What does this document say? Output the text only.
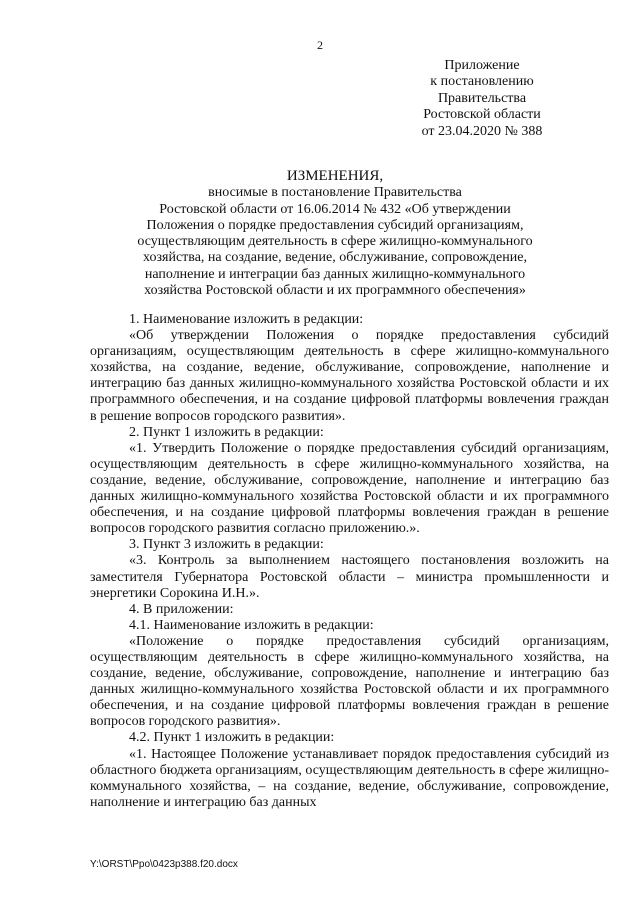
2
Приложение
к постановлению
Правительства
Ростовской области
от 23.04.2020 № 388
ИЗМЕНЕНИЯ,
вносимые в постановление Правительства
Ростовской области от 16.06.2014 № 432 «Об утверждении
Положения о порядке предоставления субсидий организациям,
осуществляющим деятельность в сфере жилищно-коммунального
хозяйства, на создание, ведение, обслуживание, сопровождение,
наполнение и интеграции баз данных жилищно-коммунального
хозяйства Ростовской области и их программного обеспечения»

1. Наименование изложить в редакции:

«Об утверждении Положения о порядке предоставления субсидий организациям, осуществляющим деятельность в сфере жилищно-коммунального хозяйства, на создание, ведение, обслуживание, сопровождение, наполнение и интеграцию баз данных жилищно-коммунального хозяйства Ростовской области и их программного обеспечения, и на создание цифровой платформы вовлечения граждан в решение вопросов городского развития».

2. Пункт 1 изложить в редакции:

«1. Утвердить Положение о порядке предоставления субсидий организациям, осуществляющим деятельность в сфере жилищно-коммунального хозяйства, на создание, ведение, обслуживание, сопровождение, наполнение и интеграцию баз данных жилищно-коммунального хозяйства Ростовской области и их программного обеспечения, и на создание цифровой платформы вовлечения граждан в решение вопросов городского развития согласно приложению.».

3. Пункт 3 изложить в редакции:

«3. Контроль за выполнением настоящего постановления возложить на заместителя Губернатора Ростовской области – министра промышленности и энергетики Сорокина И.Н.».

4. В приложении:

4.1. Наименование изложить в редакции:

«Положение о порядке предоставления субсидий организациям, осуществляющим деятельность в сфере жилищно-коммунального хозяйства, на создание, ведение, обслуживание, сопровождение, наполнение и интеграцию баз данных жилищно-коммунального хозяйства Ростовской области и их программного обеспечения, и на создание цифровой платформы вовлечения граждан в решение вопросов городского развития».

4.2. Пункт 1 изложить в редакции:

«1. Настоящее Положение устанавливает порядок предоставления субсидий из областного бюджета организациям, осуществляющим деятельность в сфере жилищно-коммунального хозяйства, – на создание, ведение, обслуживание, сопровождение, наполнение и интеграцию баз данных

Y:\ORST\Ppo\0423p388.f20.docx
